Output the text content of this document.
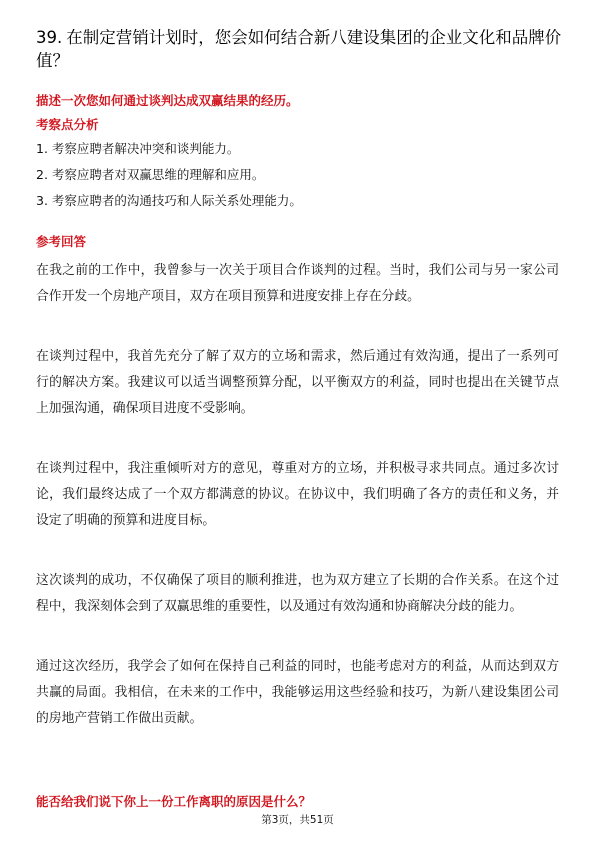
39. 在制定营销计划时，您会如何结合新八建设集团的企业文化和品牌价值？

描述一次您如何通过谈判达成双赢结果的经历。

考察点分析
1. 考察应聘者解决冲突和谈判能力。
2. 考察应聘者对双赢思维的理解和应用。
3. 考察应聘者的沟通技巧和人际关系处理能力。
参考回答

在我之前的工作中，我曾参与一次关于项目合作谈判的过程。当时，我们公司与另一家公司合作开发一个房地产项目，双方在项目预算和进度安排上存在分歧。

在谈判过程中，我首先充分了解了双方的立场和需求，然后通过有效沟通，提出了一系列可行的解决方案。我建议可以适当调整预算分配，以平衡双方的利益，同时也提出在关键节点上加强沟通，确保项目进度不受影响。

在谈判过程中，我注重倾听对方的意见，尊重对方的立场，并积极寻求共同点。通过多次讨论，我们最终达成了一个双方都满意的协议。在协议中，我们明确了各方的责任和义务，并设定了明确的预算和进度目标。

这次谈判的成功，不仅确保了项目的顺利推进，也为双方建立了长期的合作关系。在这个过程中，我深刻体会到了双赢思维的重要性，以及通过有效沟通和协商解决分歧的能力。

通过这次经历，我学会了如何在保持自己利益的同时，也能考虑对方的利益，从而达到双方共赢的局面。我相信，在未来的工作中，我能够运用这些经验和技巧，为新八建设集团公司的房地产营销工作做出贡献。

能否给我们说下你上一份工作离职的原因是什么？

第3页，共51页
